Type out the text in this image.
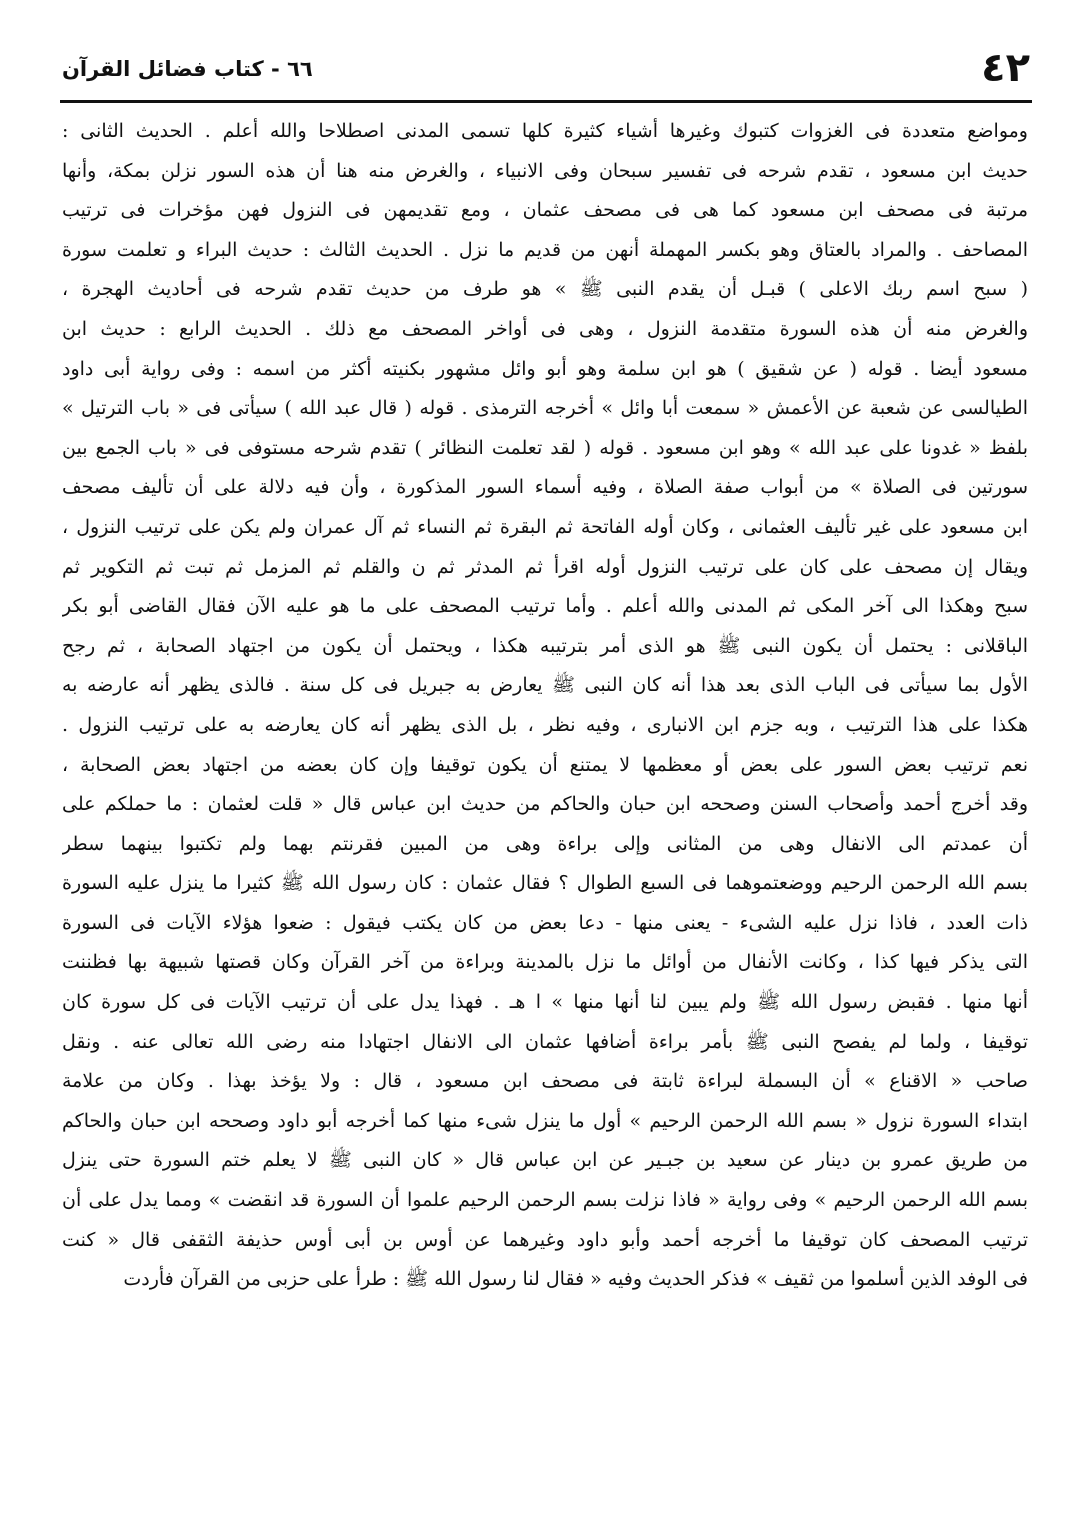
٤٢
٦٦ - كتاب فضائل القرآن
ومواضع متعددة فى الغزوات كتبوك وغيرها أشياء كثيرة كلها تسمى المدنى اصطلاحا والله أعلم . الحديث الثانى :
حديث ابن مسعود ، تقدم شرحه فى تفسير سبحان وفى الانبياء ، والغرض منه هنا أن هذه السور نزلن بمكة، وأنها
مرتبة فى مصحف ابن مسعود كما هى فى مصحف عثمان ، ومع تقديمهن فى النزول فهن مؤخرات فى ترتيب
المصاحف . والمراد بالعتاق وهو بكسر المهملة أنهن من قديم ما نزل . الحديث الثالث : حديث البراء و تعلمت سورة
( سبح اسم ربك الاعلى ) قبـل أن يقدم النبى ﷺ » هو طرف من حديث تقدم شرحه فى أحاديث الهجرة ،
والغرض منه أن هذه السورة متقدمة النزول ، وهى فى أواخر المصحف مع ذلك . الحديث الرابع : حديث ابن
مسعود أيضا . قوله ( عن شقيق ) هو ابن سلمة وهو أبو وائل مشهور بكنيته أكثر من اسمه : وفى رواية أبى داود
الطيالسى عن شعبة عن الأعمش « سمعت أبا وائل » أخرجه الترمذى . قوله ( قال عبد الله ) سيأتى فى « باب الترتيل »
بلفظ « غدونا على عبد الله » وهو ابن مسعود . قوله ( لقد تعلمت النظائر ) تقدم شرحه مستوفى فى « باب الجمع بين
سورتين فى الصلاة » من أبواب صفة الصلاة ، وفيه أسماء السور المذكورة ، وأن فيه دلالة على أن تأليف مصحف
ابن مسعود على غير تأليف العثمانى ، وكان أوله الفاتحة ثم البقرة ثم النساء ثم آل عمران ولم يكن على ترتيب النزول ،
ويقال إن مصحف على كان على ترتيب النزول أوله اقرأ ثم المدثر ثم ن والقلم ثم المزمل ثم تبت ثم التكوير ثم
سبح وهكذا الى آخر المكى ثم المدنى والله أعلم . وأما ترتيب المصحف على ما هو عليه الآن فقال القاضى أبو بكر
الباقلانى : يحتمل أن يكون النبى ﷺ هو الذى أمر بترتيبه هكذا ، ويحتمل أن يكون من اجتهاد الصحابة ، ثم رجح
الأول بما سيأتى فى الباب الذى بعد هذا أنه كان النبى ﷺ يعارض به جبريل فى كل سنة . فالذى يظهر أنه عارضه به
هكذا على هذا الترتيب ، وبه جزم ابن الانبارى ، وفيه نظر ، بل الذى يظهر أنه كان يعارضه به على ترتيب النزول .
نعم ترتيب بعض السور على بعض أو معظمها لا يمتنع أن يكون توقيفا وإن كان بعضه من اجتهاد بعض الصحابة ،
وقد أخرج أحمد وأصحاب السنن وصححه ابن حبان والحاكم من حديث ابن عباس قال « قلت لعثمان : ما حملكم على
أن عمدتم الى الانفال وهى من المثانى وإلى براءة وهى من المبين فقرنتم بهما ولم تكتبوا بينهما سطر
بسم الله الرحمن الرحيم ووضعتموهما فى السبع الطوال ؟ فقال عثمان : كان رسول الله ﷺ كثيرا ما ينزل عليه السورة
ذات العدد ، فاذا نزل عليه الشىء - يعنى منها - دعا بعض من كان يكتب فيقول : ضعوا هؤلاء الآيات فى السورة
التى يذكر فيها كذا ، وكانت الأنفال من أوائل ما نزل بالمدينة وبراءة من آخر القرآن وكان قصتها شبيهة بها فظننت
أنها منها . فقبض رسول الله ﷺ ولم يبين لنا أنها منها » ا هـ . فهذا يدل على أن ترتيب الآيات فى كل سورة كان
توقيفا ، ولما لم يفصح النبى ﷺ بأمر براءة أضافها عثمان الى الانفال اجتهادا منه رضى الله تعالى عنه . ونقل
صاحب « الاقناع » أن البسملة لبراءة ثابتة فى مصحف ابن مسعود ، قال : ولا يؤخذ بهذا . وكان من علامة
ابتداء السورة نزول « بسم الله الرحمن الرحيم » أول ما ينزل شىء منها كما أخرجه أبو داود وصححه ابن حبان والحاكم
من طريق عمرو بن دينار عن سعيد بن جبـير عن ابن عباس قال « كان النبى ﷺ لا يعلم ختم السورة حتى ينزل
بسم الله الرحمن الرحيم » وفى رواية « فاذا نزلت بسم الرحمن الرحيم علموا أن السورة قد انقضت » ومما يدل على أن
ترتيب المصحف كان توقيفا ما أخرجه أحمد وأبو داود وغيرهما عن أوس بن أبى أوس حذيفة الثقفى قال « كنت
فى الوفد الذين أسلموا من ثقيف » فذكر الحديث وفيه « فقال لنا رسول الله ﷺ : طرأ على حزبى من القرآن فأردت
